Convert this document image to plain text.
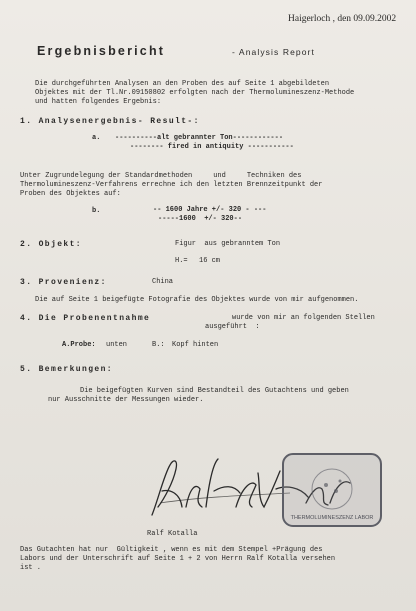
Haigerloch , den 09.09.2002
Ergebnisbericht	- Analysis Report
Die durchgeführten Analysen an den Proben des auf Seite 1 abgebildeten
Objektes mit der Tl.Nr.09150802 erfolgten nach der Thermolumineszenz-Methode
und hatten folgendes Ergebnis:
1. Analysenergebnis- Result-:
a. ----------alt gebrannter Ton------------
-------- fired in antiquity -----------
Unter Zugrundelegung der Standardmethoden     und     Techniken des
Thermolumineszenz-Verfahrens errechne ich den letzten Brennzeitpunkt der
Proben des Objektes auf:
b.	-- 1600 Jahre +/- 320 - ---
-----1600  +/- 320--
2. Objekt:	Figur  aus gebranntem Ton
H.= 16 cm
3. Provenienz:	China
Die auf Seite 1 beigefügte Fotografie des Objektes wurde von mir aufgenommen.
4. Die Probenentnahme	wurde von mir an folgenden Stellen
ausgeführt  :
A.Probe: unten	B.: Kopf hinten
5. Bemerkungen:
Die beigefügten Kurven sind Bestandteil des Gutachtens und geben
nur Ausschnitte der Messungen wieder.
THERMOLUMINESZENZ LABOR
Ralf Kotalla
Das Gutachten hat nur  Gültigkeit , wenn es mit dem Stempel +Prägung des
Labors und der Unterschrift auf Seite 1 + 2 von Herrn Ralf Kotalla versehen
ist .
